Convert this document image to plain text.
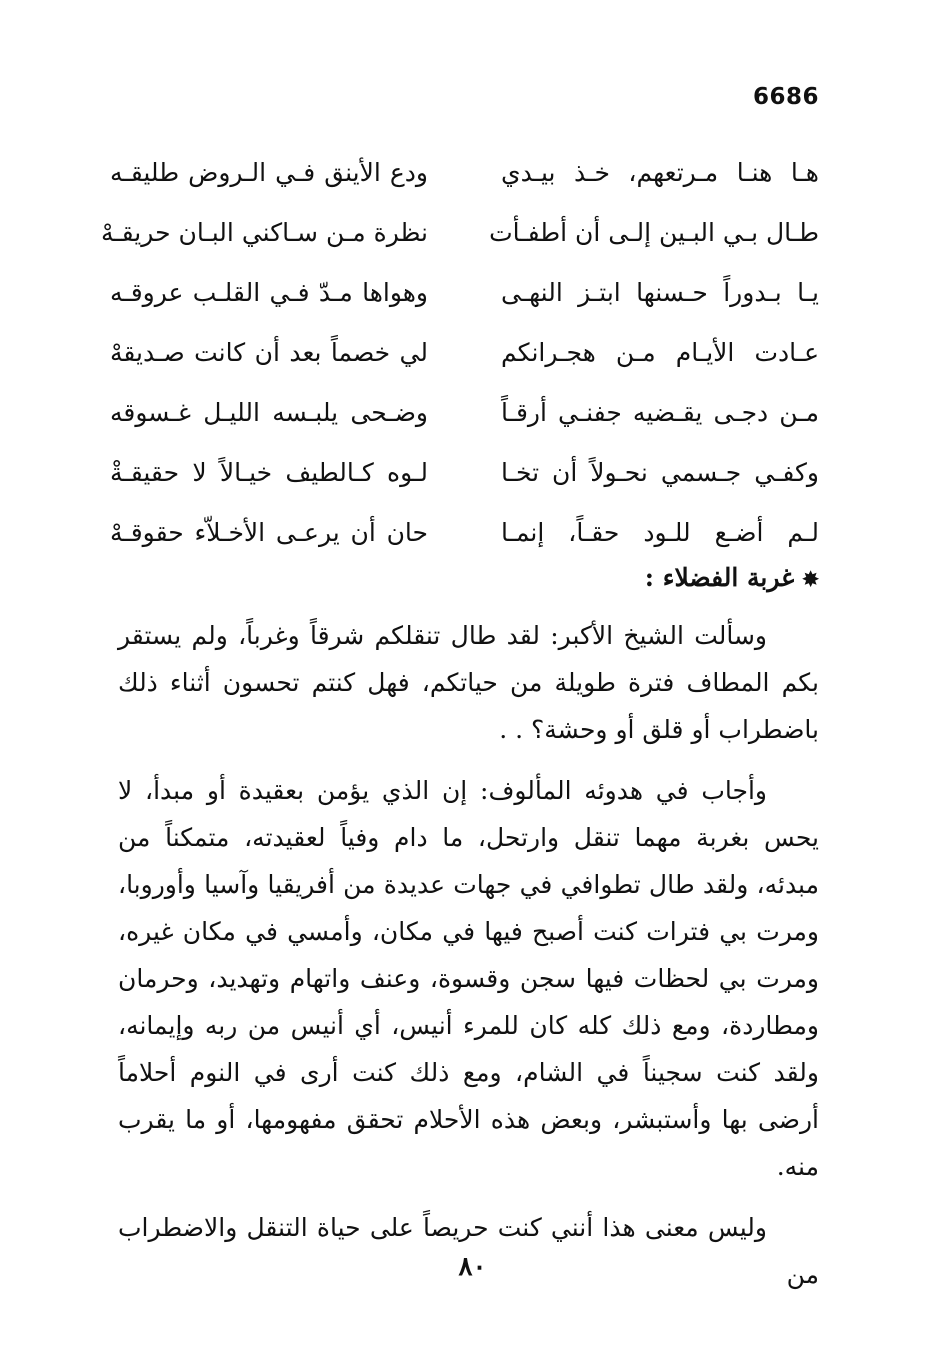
6686
هـا هنـا مـرتعهم، خـذ بيـدي
ودع الأينق فـي الـروض طليقـه
طـال بـي البـين إلـى أن أطفـأت
نظرة مـن سـاكني البـان حريقـهْ
يـا بـدوراً حـسنها ابتـز النهـى
وهواها مـدّ فـي القلـب عروقـه
عـادت الأيـام مـن هجـرانكم
لي خصماً بعد أن كانت صـديقهْ
مـن دجـى يقـضيه جفنـي أرقـاً
وضـحى يلبـسه الليـل غـسوقه
وكفـي جـسمي نحـولاً أن تخـا
لـوه كـالطيف خيـالاً لا حقيقـةْ
لـم أضـع للـود حقـاً، إنمـا
حان أن يرعـى الأخـلاّء حقوقـهْ
✸غربة الفضلاء :

وسألت الشيخ الأكبر: لقد طال تنقلكم شرقاً وغرباً، ولم يستقر بكم المطاف فترة طويلة من حياتكم، فهل كنتم تحسون أثناء ذلك باضطراب أو قلق أو وحشة؟ . .

وأجاب في هدوئه المألوف: إن الذي يؤمن بعقيدة أو مبدأ، لا يحس بغربة مهما تنقل وارتحل، ما دام وفياً لعقيدته، متمكناً من مبدئه، ولقد طال تطوافي في جهات عديدة من أفريقيا وآسيا وأوروبا، ومرت بي فترات كنت أصبح فيها في مكان، وأمسي في مكان غيره، ومرت بي لحظات فيها سجن وقسوة، وعنف واتهام وتهديد، وحرمان ومطاردة، ومع ذلك كله كان للمرء أنيس، أي أنيس من ربه وإيمانه، ولقد كنت سجيناً في الشام، ومع ذلك كنت أرى في النوم أحلاماً أرضى بها وأستبشر، وبعض هذه الأحلام تحقق مفهومها، أو ما يقرب منه.

وليس معنى هذا أنني كنت حريصاً على حياة التنقل والاضطراب من

٨٠
